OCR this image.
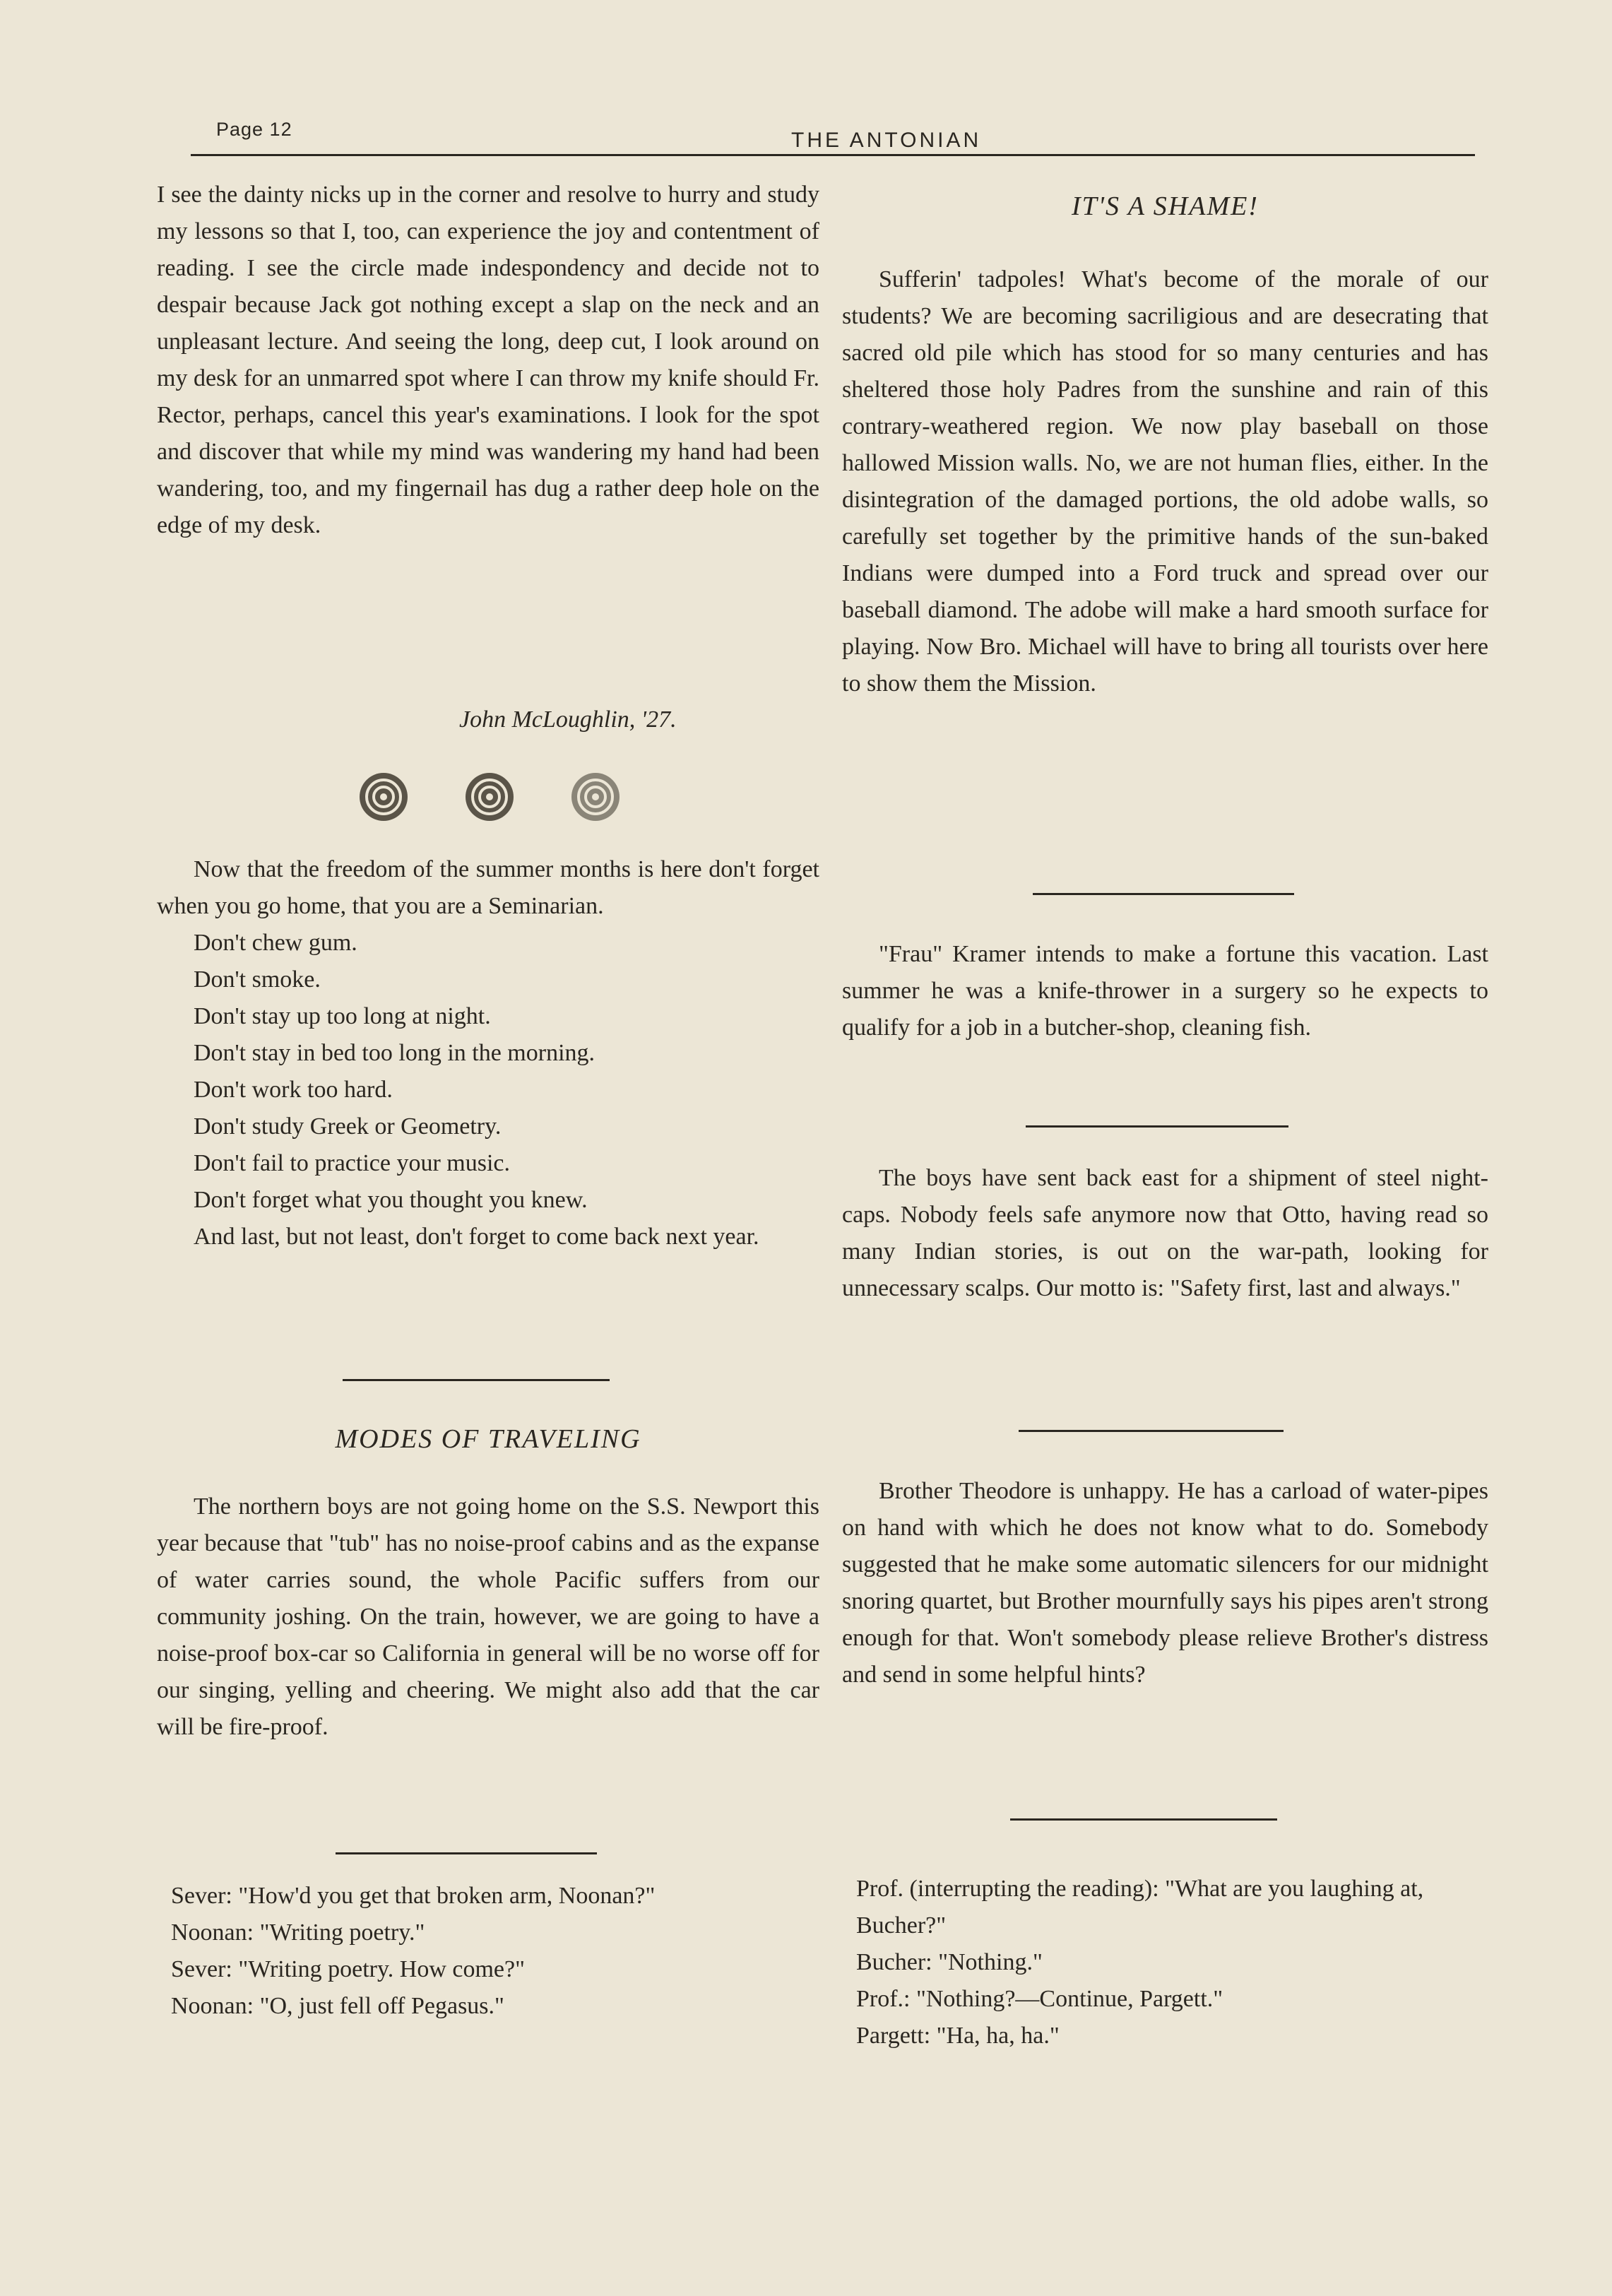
Page 12	THE ANTONIAN

I see the dainty nicks up in the corner and resolve to hurry and study my lessons so that I, too, can experience the joy and contentment of reading. I see the circle made indespondency and decide not to despair because Jack got nothing except a slap on the neck and an unpleasant lecture. And seeing the long, deep cut, I look around on my desk for an unmarred spot where I can throw my knife should Fr. Rector, perhaps, cancel this year's examinations. I look for the spot and discover that while my mind was wandering my hand had been wandering, too, and my fingernail has dug a rather deep hole on the edge of my desk.

John McLoughlin, '27.

Now that the freedom of the summer months is here don't forget when you go home, that you are a Seminarian.

Don't chew gum.
Don't smoke.
Don't stay up too long at night.
Don't stay in bed too long in the morning.
Don't work too hard.
Don't study Greek or Geometry.
Don't fail to practice your music.
Don't forget what you thought you knew.

And last, but not least, don't forget to come back next year.

MODES OF TRAVELING

The northern boys are not going home on the S.S. Newport this year because that "tub" has no noise-proof cabins and as the expanse of water carries sound, the whole Pacific suffers from our community joshing. On the train, however, we are going to have a noise-proof box-car so California in general will be no worse off for our singing, yelling and cheering. We might also add that the car will be fire-proof.

Sever: "How'd you get that broken arm, Noonan?"

Noonan: "Writing poetry."

Sever: "Writing poetry. How come?"

Noonan: "O, just fell off Pegasus."

IT'S A SHAME!

Sufferin' tadpoles! What's become of the morale of our students? We are becoming sacriligious and are desecrating that sacred old pile which has stood for so many centuries and has sheltered those holy Padres from the sunshine and rain of this contrary-weathered region. We now play baseball on those hallowed Mission walls. No, we are not human flies, either. In the disintegration of the damaged portions, the old adobe walls, so carefully set together by the primitive hands of the sun-baked Indians were dumped into a Ford truck and spread over our baseball diamond. The adobe will make a hard smooth surface for playing. Now Bro. Michael will have to bring all tourists over here to show them the Mission.

"Frau" Kramer intends to make a fortune this vacation. Last summer he was a knife-thrower in a surgery so he expects to qualify for a job in a butcher-shop, cleaning fish.

The boys have sent back east for a shipment of steel night-caps. Nobody feels safe anymore now that Otto, having read so many Indian stories, is out on the war-path, looking for unnecessary scalps. Our motto is: "Safety first, last and always."

Brother Theodore is unhappy. He has a carload of water-pipes on hand with which he does not know what to do. Somebody suggested that he make some automatic silencers for our midnight snoring quartet, but Brother mournfully says his pipes aren't strong enough for that. Won't somebody please relieve Brother's distress and send in some helpful hints?

Prof. (interrupting the reading): "What are you laughing at, Bucher?"

Bucher: "Nothing."

Prof.: "Nothing?—Continue, Pargett."

Pargett: "Ha, ha, ha."
